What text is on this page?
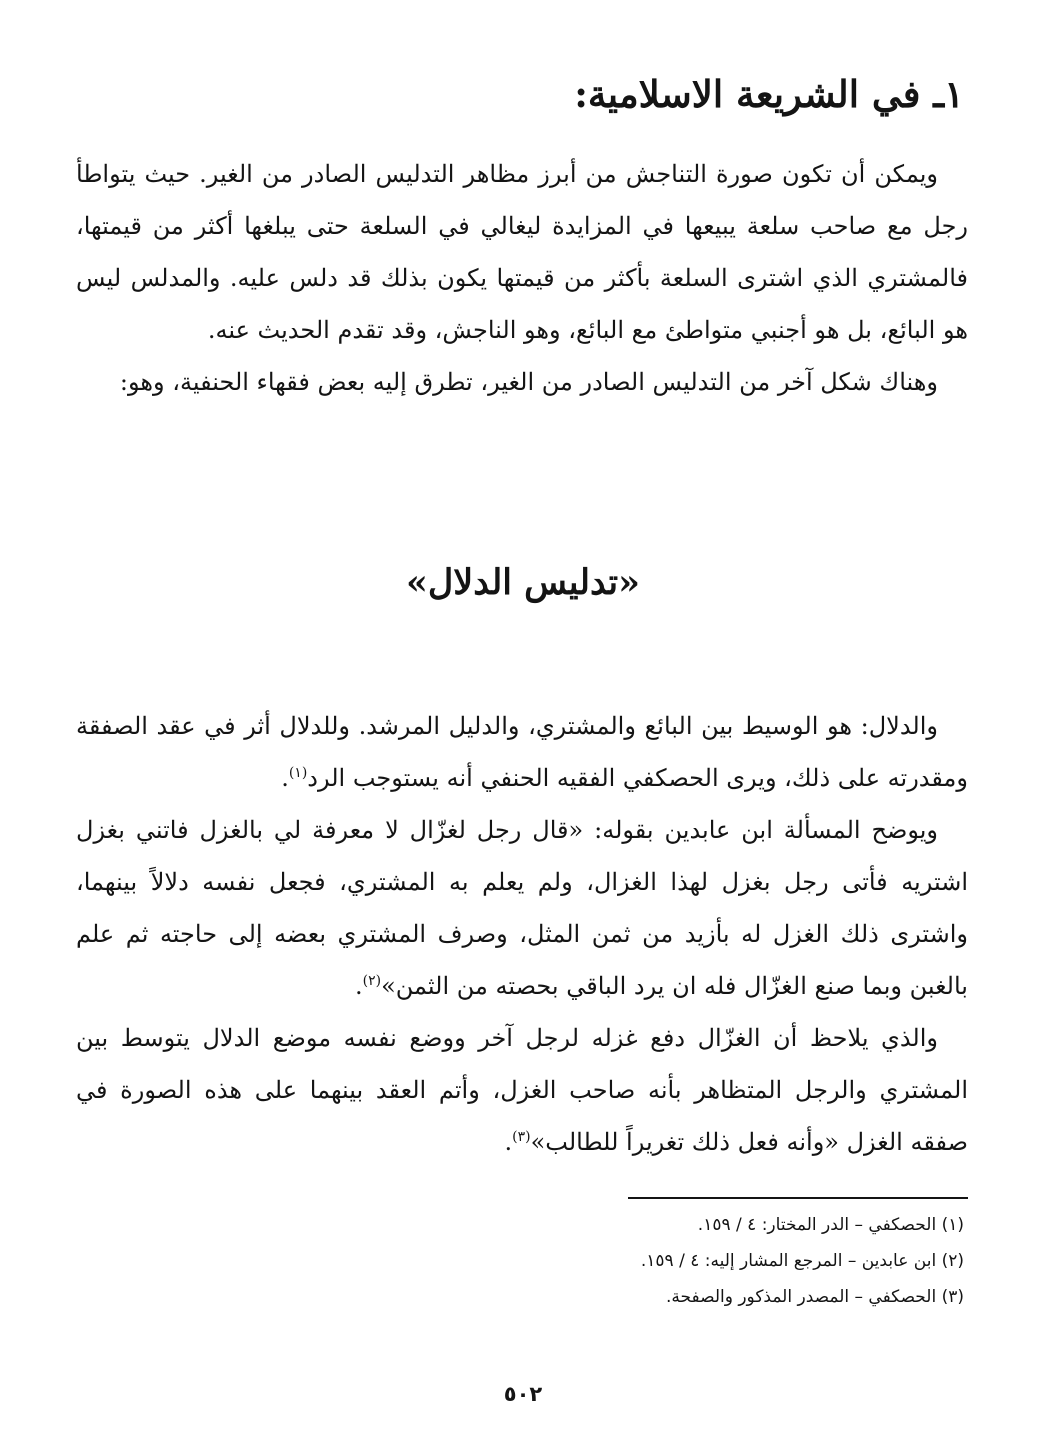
١ـ في الشريعة الاسلامية:

ويمكن أن تكون صورة التناجش من أبرز مظاهر التدليس الصادر من الغير. حيث يتواطأ رجل مع صاحب سلعة يبيعها في المزايدة ليغالي في السلعة حتى يبلغها أكثر من قيمتها، فالمشتري الذي اشترى السلعة بأكثر من قيمتها يكون بذلك قد دلس عليه. والمدلس ليس هو البائع، بل هو أجنبي متواطئ مع البائع، وهو الناجش، وقد تقدم الحديث عنه.

وهناك شكل آخر من التدليس الصادر من الغير، تطرق إليه بعض فقهاء الحنفية، وهو:

«تدليس الدلال»

والدلال: هو الوسيط بين البائع والمشتري، والدليل المرشد. وللدلال أثر في عقد الصفقة ومقدرته على ذلك، ويرى الحصكفي الفقيه الحنفي أنه يستوجب الرد$^{(١)}$.

ويوضح المسألة ابن عابدين بقوله: «قال رجل لغزّال لا معرفة لي بالغزل فاتني بغزل اشتريه فأتى رجل بغزل لهذا الغزال، ولم يعلم به المشتري، فجعل نفسه دلالاً بينهما، واشترى ذلك الغزل له بأزيد من ثمن المثل، وصرف المشتري بعضه إلى حاجته ثم علم بالغبن وبما صنع الغزّال فله ان يرد الباقي بحصته من الثمن»$^{(٢)}$.

والذي يلاحظ أن الغزّال دفع غزله لرجل آخر ووضع نفسه موضع الدلال يتوسط بين المشتري والرجل المتظاهر بأنه صاحب الغزل، وأتم العقد بينهما على هذه الصورة في صفقه الغزل «وأنه فعل ذلك تغريراً للطالب»$^{(٣)}$.

(١) الحصكفي – الدر المختار: ٤ / ١٥٩.
(٢) ابن عابدين – المرجع المشار إليه: ٤ / ١٥٩.
(٣) الحصكفي – المصدر المذكور والصفحة.
٥٠٢
